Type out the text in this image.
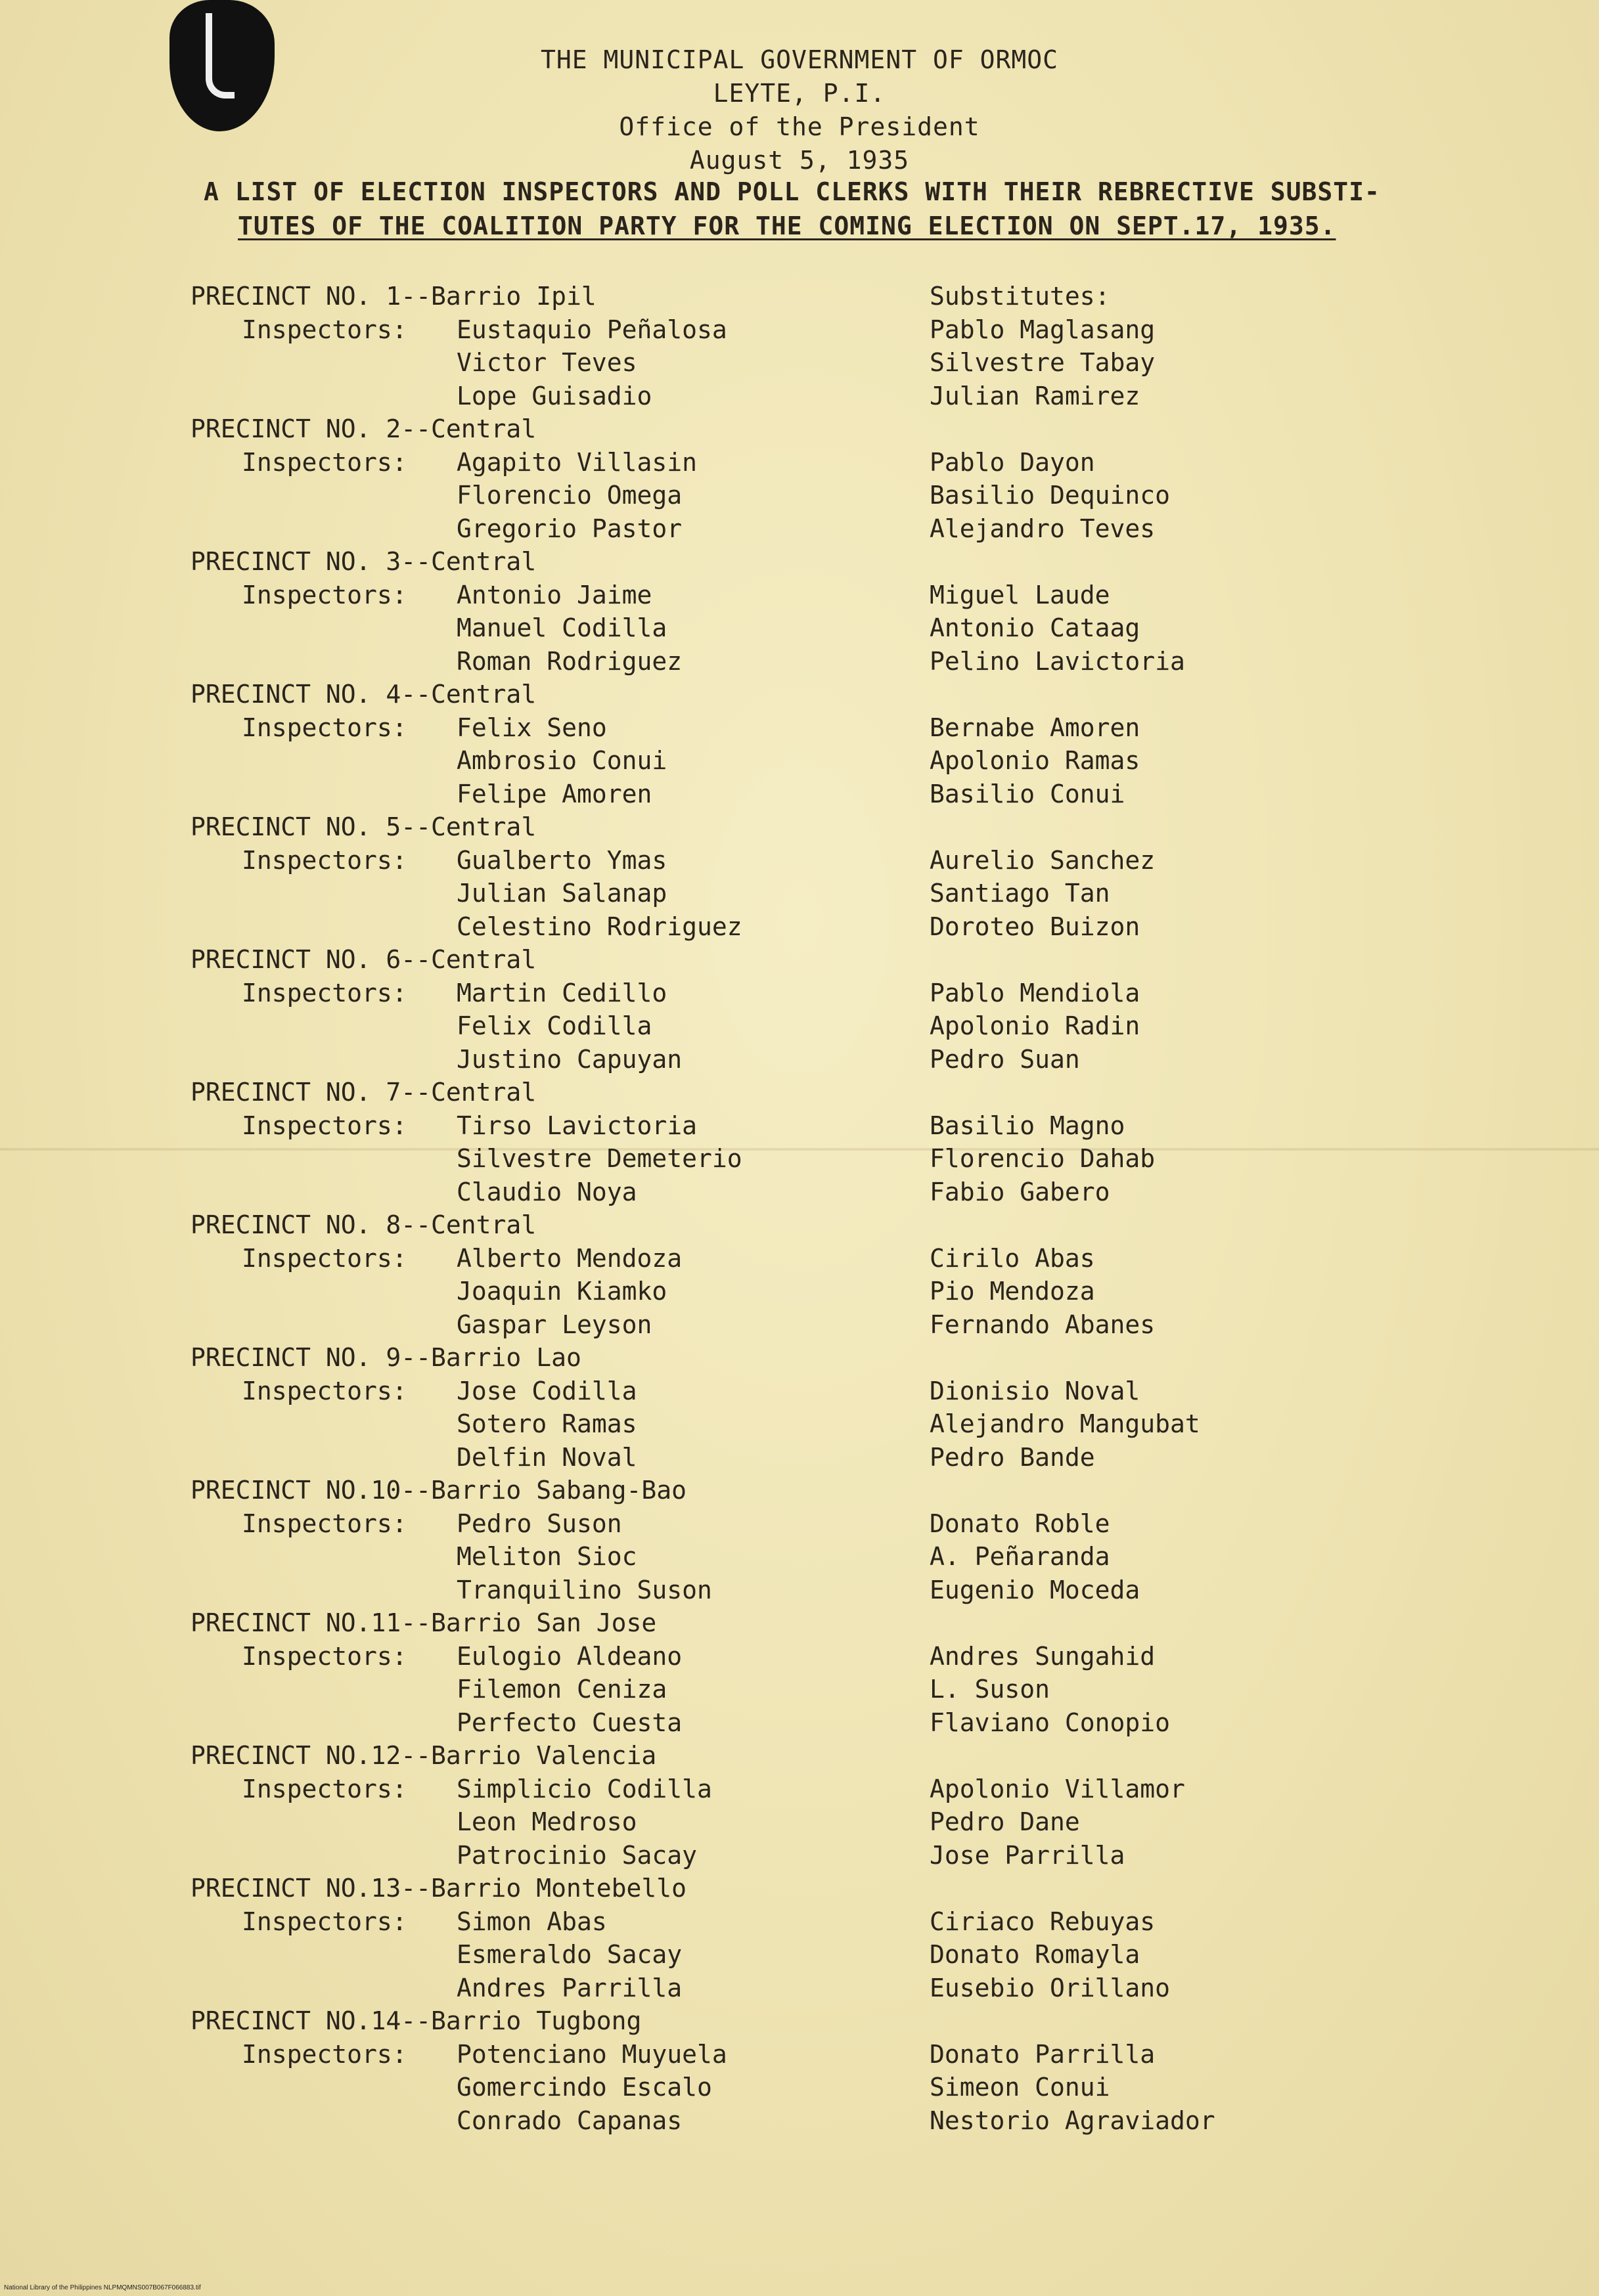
THE MUNICIPAL GOVERNMENT OF ORMOC
LEYTE, P.I.
Office of the President
August 5, 1935
A LIST OF ELECTION INSPECTORS AND POLL CLERKS WITH THEIR REBRECTIVE SUBSTI-
TUTES OF THE COALITION PARTY FOR THE COMING ELECTION ON SEPT.17, 1935.
PRECINCT NO. 1--Barrio Ipil	Substitutes:
Inspectors: Eustaquio Peñalosa	Pablo Maglasang
Victor Teves	Silvestre Tabay
Lope Guisadio	Julian Ramirez
PRECINCT NO. 2--Central
Inspectors: Agapito Villasin	Pablo Dayon
Florencio Omega	Basilio Dequinco
Gregorio Pastor	Alejandro Teves
PRECINCT NO. 3--Central
Inspectors: Antonio Jaime	Miguel Laude
Manuel Codilla	Antonio Cataag
Roman Rodriguez	Pelino Lavictoria
PRECINCT NO. 4--Central
Inspectors: Felix Seno	Bernabe Amoren
Ambrosio Conui	Apolonio Ramas
Felipe Amoren	Basilio Conui
PRECINCT NO. 5--Central
Inspectors: Gualberto Ymas	Aurelio Sanchez
Julian Salanap	Santiago Tan
Celestino Rodriguez	Doroteo Buizon
PRECINCT NO. 6--Central
Inspectors: Martin Cedillo	Pablo Mendiola
Felix Codilla	Apolonio Radin
Justino Capuyan	Pedro Suan
PRECINCT NO. 7--Central
Inspectors: Tirso Lavictoria	Basilio Magno
Silvestre Demeterio	Florencio Dahab
Claudio Noya	Fabio Gabero
PRECINCT NO. 8--Central
Inspectors: Alberto Mendoza	Cirilo Abas
Joaquin Kiamko	Pio Mendoza
Gaspar Leyson	Fernando Abanes
PRECINCT NO. 9--Barrio Lao
Inspectors: Jose Codilla	Dionisio Noval
Sotero Ramas	Alejandro Mangubat
Delfin Noval	Pedro Bande
PRECINCT NO.10--Barrio Sabang-Bao
Inspectors: Pedro Suson	Donato Roble
Meliton Sioc	A. Peñaranda
Tranquilino Suson	Eugenio Moceda
PRECINCT NO.11--Barrio San Jose
Inspectors: Eulogio Aldeano	Andres Sungahid
Filemon Ceniza	L. Suson
Perfecto Cuesta	Flaviano Conopio
PRECINCT NO.12--Barrio Valencia
Inspectors: Simplicio Codilla	Apolonio Villamor
Leon Medroso	Pedro Dane
Patrocinio Sacay	Jose Parrilla
PRECINCT NO.13--Barrio Montebello
Inspectors: Simon Abas	Ciriaco Rebuyas
Esmeraldo Sacay	Donato Romayla
Andres Parrilla	Eusebio Orillano
PRECINCT NO.14--Barrio Tugbong
Inspectors: Potenciano Muyuela	Donato Parrilla
Gomercindo Escalo	Simeon Conui
Conrado Capanas	Nestorio Agraviador
National Library of the Philippines NLPMQMNS007B067F066883.tif
